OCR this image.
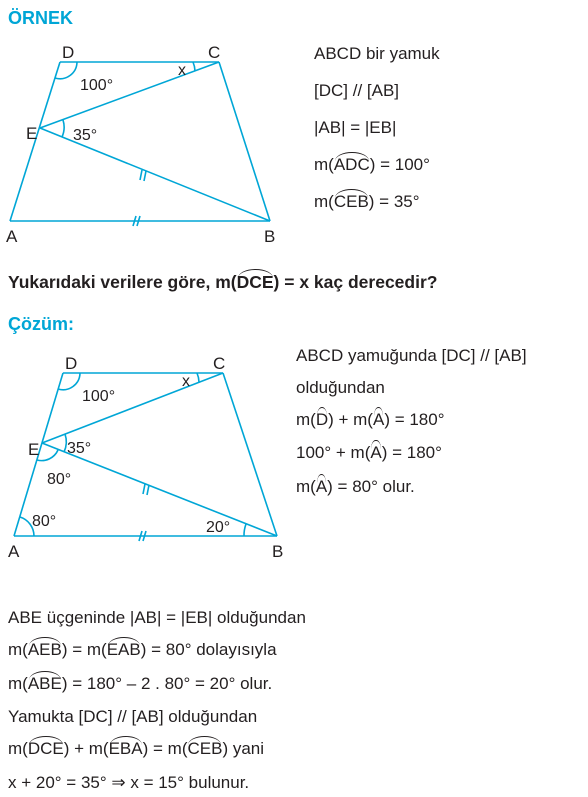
ÖRNEK
D	C
E
A	B
100°
x
35°
ABCD bir yamuk
[DC] // [AB]
|AB| = |EB|
m(ADC) = 100°
m(CEB) = 35°
Yukarıdaki verilere göre, m(DCE) = x kaç derecedir?
Çözüm:
D	C
E
A	B
100°
x
35°
80°
80°	20°
ABCD yamuğunda [DC] // [AB]
olduğundan
m(D) + m(A) = 180°
100° + m(A) = 180°
m(A) = 80° olur.
ABE üçgeninde |AB| = |EB| olduğundan
m(AEB) = m(EAB) = 80° dolayısıyla
m(ABE) = 180° – 2 . 80° = 20° olur.
Yamukta [DC] // [AB] olduğundan
m(DCE) + m(EBA) = m(CEB) yani
x + 20° = 35° ⇒ x = 15° bulunur.
